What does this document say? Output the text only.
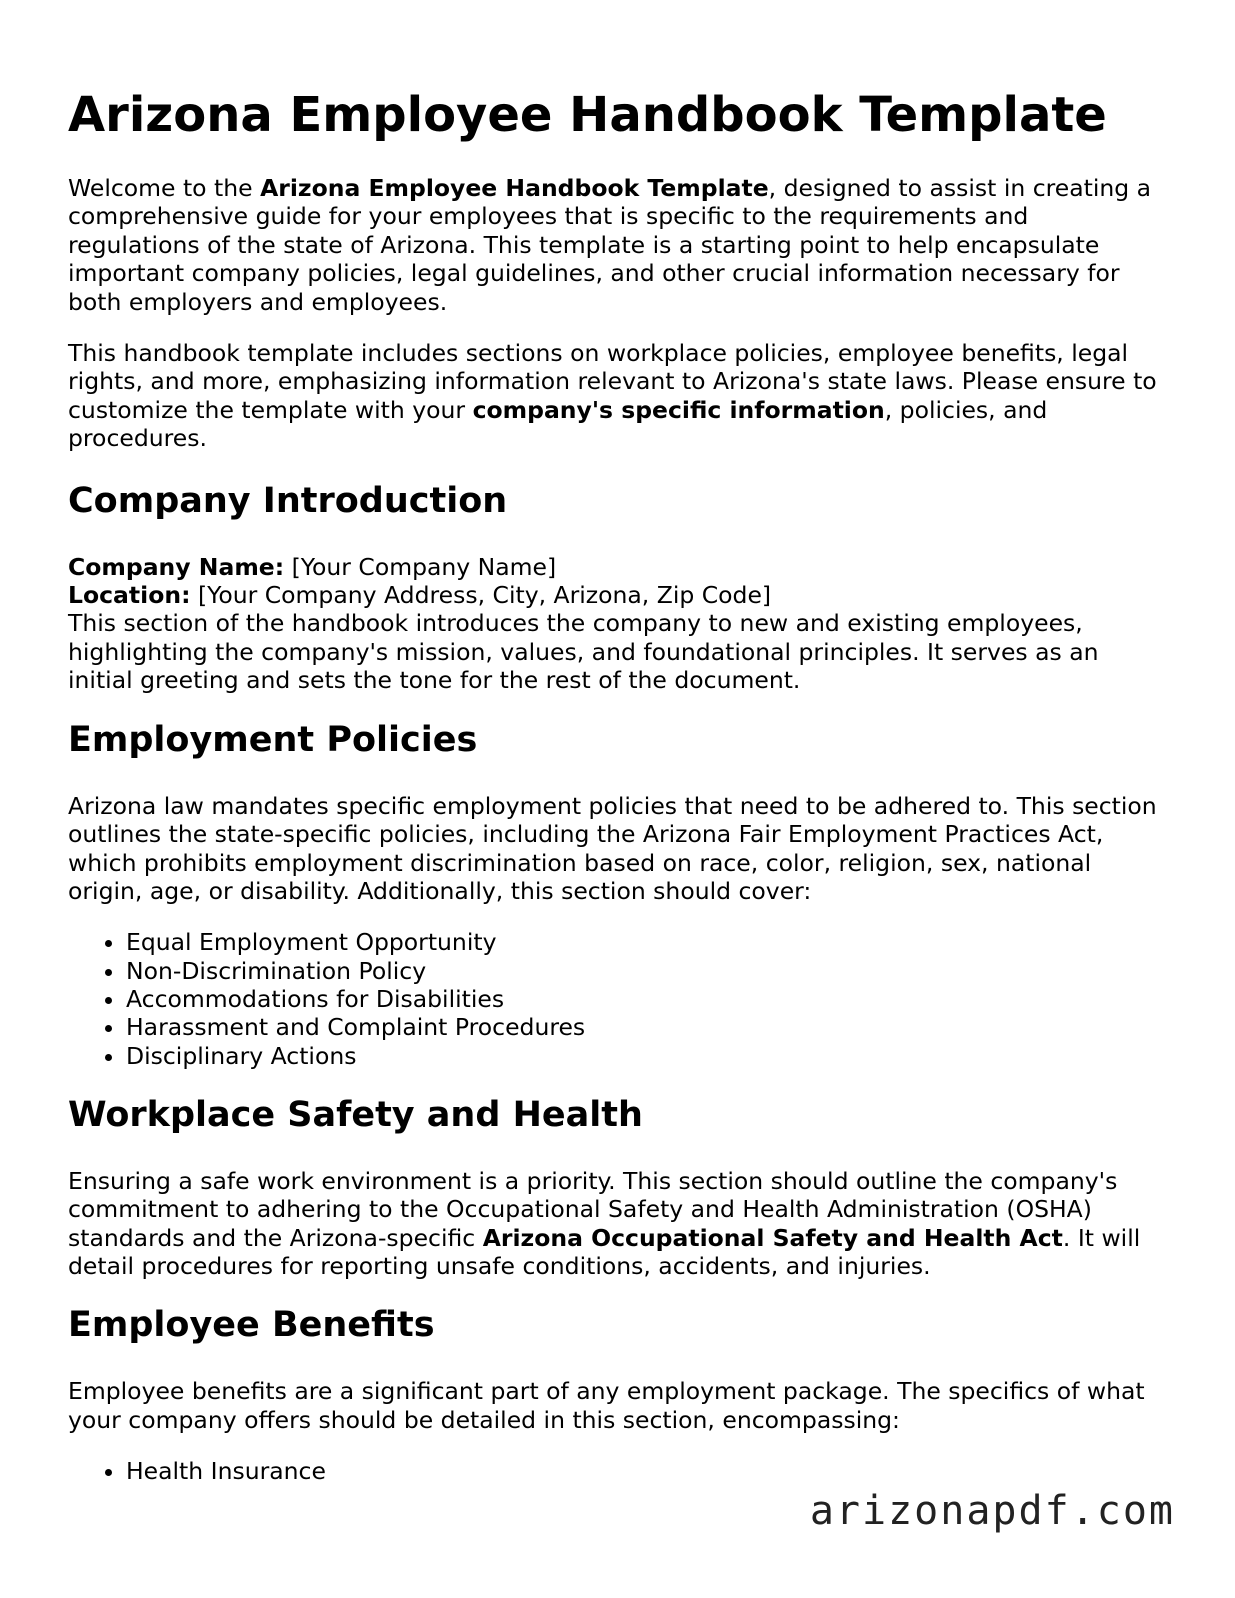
Arizona Employee Handbook Template

Welcome to the Arizona Employee Handbook Template, designed to assist in creating a comprehensive guide for your employees that is specific to the requirements and regulations of the state of Arizona. This template is a starting point to help encapsulate important company policies, legal guidelines, and other crucial information necessary for both employers and employees.

This handbook template includes sections on workplace policies, employee benefits, legal rights, and more, emphasizing information relevant to Arizona's state laws. Please ensure to customize the template with your company's specific information, policies, and procedures.

Company Introduction

Company Name: [Your Company Name]
Location: [Your Company Address, City, Arizona, Zip Code]
This section of the handbook introduces the company to new and existing employees, highlighting the company's mission, values, and foundational principles. It serves as an initial greeting and sets the tone for the rest of the document.

Employment Policies

Arizona law mandates specific employment policies that need to be adhered to. This section outlines the state-specific policies, including the Arizona Fair Employment Practices Act, which prohibits employment discrimination based on race, color, religion, sex, national origin, age, or disability. Additionally, this section should cover:

• Equal Employment Opportunity
• Non-Discrimination Policy
• Accommodations for Disabilities
• Harassment and Complaint Procedures
• Disciplinary Actions
Workplace Safety and Health

Ensuring a safe work environment is a priority. This section should outline the company's commitment to adhering to the Occupational Safety and Health Administration (OSHA) standards and the Arizona-specific Arizona Occupational Safety and Health Act. It will detail procedures for reporting unsafe conditions, accidents, and injuries.

Employee Benefits

Employee benefits are a significant part of any employment package. The specifics of what your company offers should be detailed in this section, encompassing:

• Health Insurance
arizonapdf.com
